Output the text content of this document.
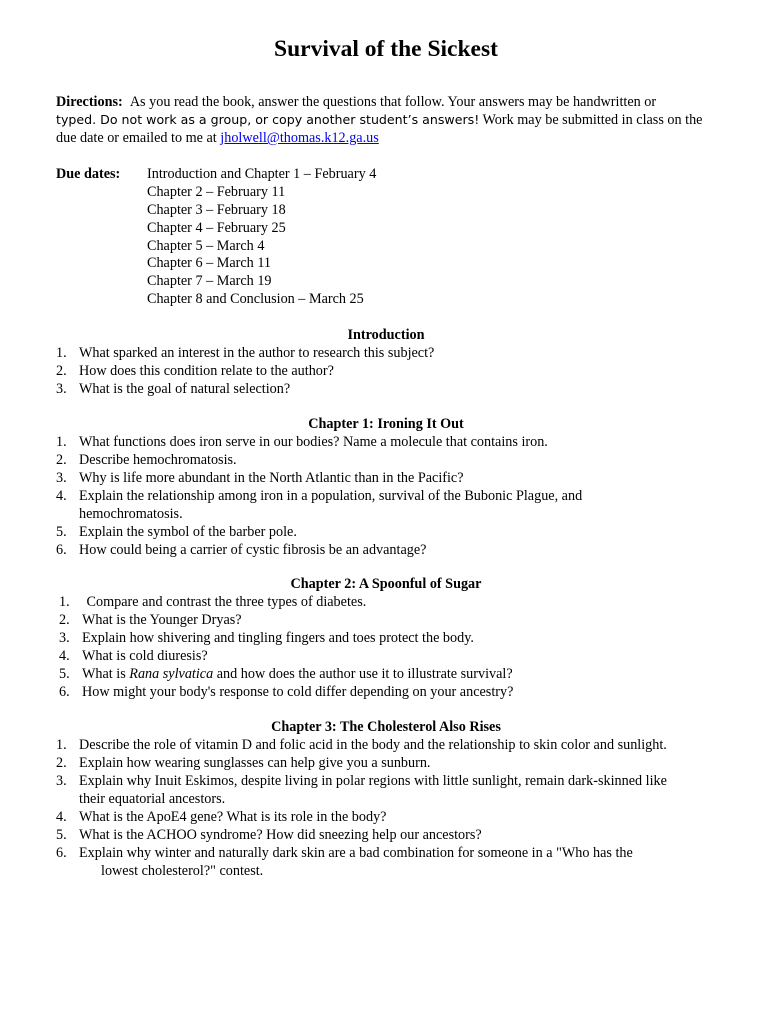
Survival of the Sickest
Directions: As you read the book, answer the questions that follow. Your answers may be handwritten or
typed. Do not work as a group, or copy another student’s answers! Work may be submitted in class on the
due date or emailed to me at jholwell@thomas.k12.ga.us
Due dates: Introduction and Chapter 1 – February 4
Chapter 2 – February 11
Chapter 3 – February 18
Chapter 4 – February 25
Chapter 5 – March 4
Chapter 6 – March 11
Chapter 7 – March 19
Chapter 8 and Conclusion – March 25
Introduction
1. What sparked an interest in the author to research this subject?
2. How does this condition relate to the author?
3. What is the goal of natural selection?
Chapter 1: Ironing It Out
1. What functions does iron serve in our bodies? Name a molecule that contains iron.
2. Describe hemochromatosis.
3. Why is life more abundant in the North Atlantic than in the Pacific?
4. Explain the relationship among iron in a population, survival of the Bubonic Plague, and
hemochromatosis.
5. Explain the symbol of the barber pole.
6. How could being a carrier of cystic fibrosis be an advantage?
Chapter 2: A Spoonful of Sugar
1. Compare and contrast the three types of diabetes.
2. What is the Younger Dryas?
3. Explain how shivering and tingling fingers and toes protect the body.
4. What is cold diuresis?
5. What is Rana sylvatica and how does the author use it to illustrate survival?
6. How might your body's response to cold differ depending on your ancestry?
Chapter 3: The Cholesterol Also Rises
1. Describe the role of vitamin D and folic acid in the body and the relationship to skin color and sunlight.
2. Explain how wearing sunglasses can help give you a sunburn.
3. Explain why Inuit Eskimos, despite living in polar regions with little sunlight, remain dark-skinned like
their equatorial ancestors.
4. What is the ApoE4 gene? What is its role in the body?
5. What is the ACHOO syndrome? How did sneezing help our ancestors?
6. Explain why winter and naturally dark skin are a bad combination for someone in a "Who has the
lowest cholesterol?" contest.
